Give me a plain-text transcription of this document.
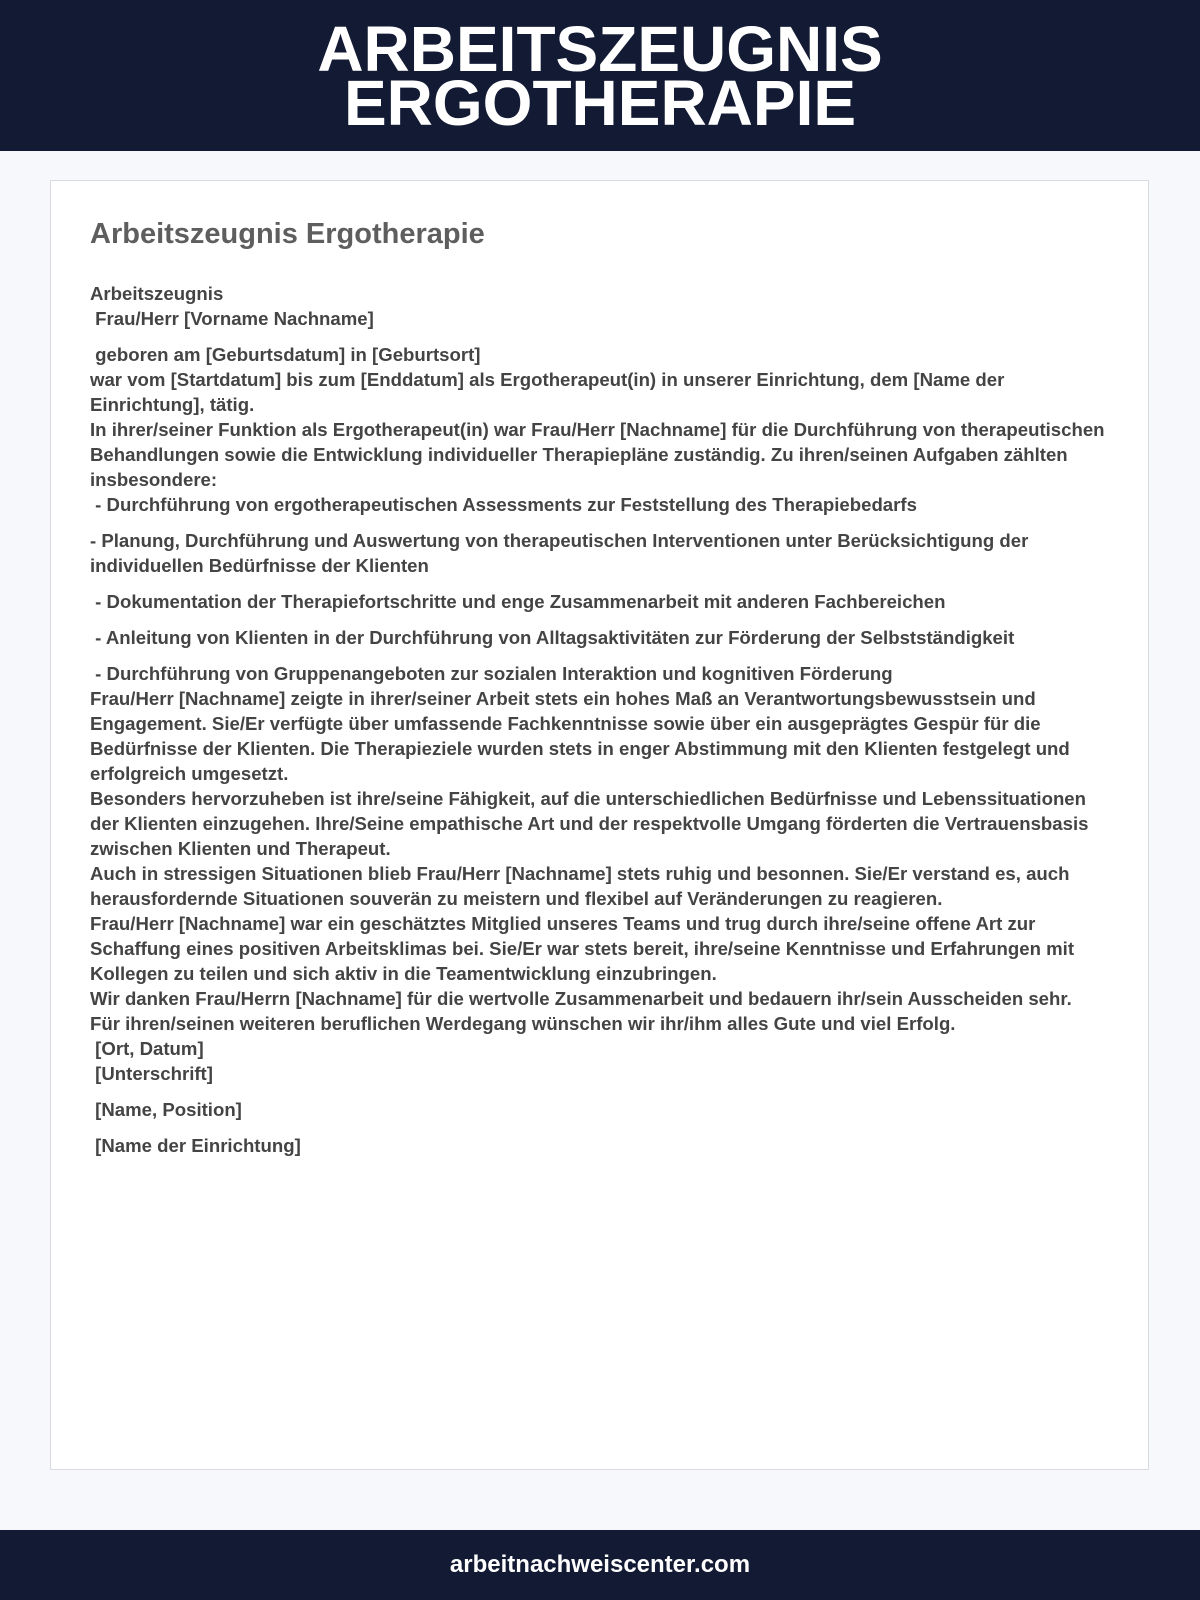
ARBEITSZEUGNIS
ERGOTHERAPIE
Arbeitszeugnis Ergotherapie
Arbeitszeugnis
Frau/Herr [Vorname Nachname]
geboren am [Geburtsdatum] in [Geburtsort]
war vom [Startdatum] bis zum [Enddatum] als Ergotherapeut(in) in unserer Einrichtung, dem [Name der Einrichtung], tätig.
In ihrer/seiner Funktion als Ergotherapeut(in) war Frau/Herr [Nachname] für die Durchführung von therapeutischen Behandlungen sowie die Entwicklung individueller Therapiepläne zuständig. Zu ihren/seinen Aufgaben zählten insbesondere:
- Durchführung von ergotherapeutischen Assessments zur Feststellung des Therapiebedarfs
- Planung, Durchführung und Auswertung von therapeutischen Interventionen unter Berücksichtigung der individuellen Bedürfnisse der Klienten
- Dokumentation der Therapiefortschritte und enge Zusammenarbeit mit anderen Fachbereichen
- Anleitung von Klienten in der Durchführung von Alltagsaktivitäten zur Förderung der Selbstständigkeit
- Durchführung von Gruppenangeboten zur sozialen Interaktion und kognitiven Förderung
Frau/Herr [Nachname] zeigte in ihrer/seiner Arbeit stets ein hohes Maß an Verantwortungsbewusstsein und Engagement. Sie/Er verfügte über umfassende Fachkenntnisse sowie über ein ausgeprägtes Gespür für die Bedürfnisse der Klienten. Die Therapieziele wurden stets in enger Abstimmung mit den Klienten festgelegt und erfolgreich umgesetzt.
Besonders hervorzuheben ist ihre/seine Fähigkeit, auf die unterschiedlichen Bedürfnisse und Lebenssituationen der Klienten einzugehen. Ihre/Seine empathische Art und der respektvolle Umgang förderten die Vertrauensbasis zwischen Klienten und Therapeut.
Auch in stressigen Situationen blieb Frau/Herr [Nachname] stets ruhig und besonnen. Sie/Er verstand es, auch herausfordernde Situationen souverän zu meistern und flexibel auf Veränderungen zu reagieren.
Frau/Herr [Nachname] war ein geschätztes Mitglied unseres Teams und trug durch ihre/seine offene Art zur Schaffung eines positiven Arbeitsklimas bei. Sie/Er war stets bereit, ihre/seine Kenntnisse und Erfahrungen mit Kollegen zu teilen und sich aktiv in die Teamentwicklung einzubringen.
Wir danken Frau/Herrn [Nachname] für die wertvolle Zusammenarbeit und bedauern ihr/sein Ausscheiden sehr. Für ihren/seinen weiteren beruflichen Werdegang wünschen wir ihr/ihm alles Gute und viel Erfolg.
[Ort, Datum]
[Unterschrift]
[Name, Position]
[Name der Einrichtung]
arbeitnachweiscenter.com
